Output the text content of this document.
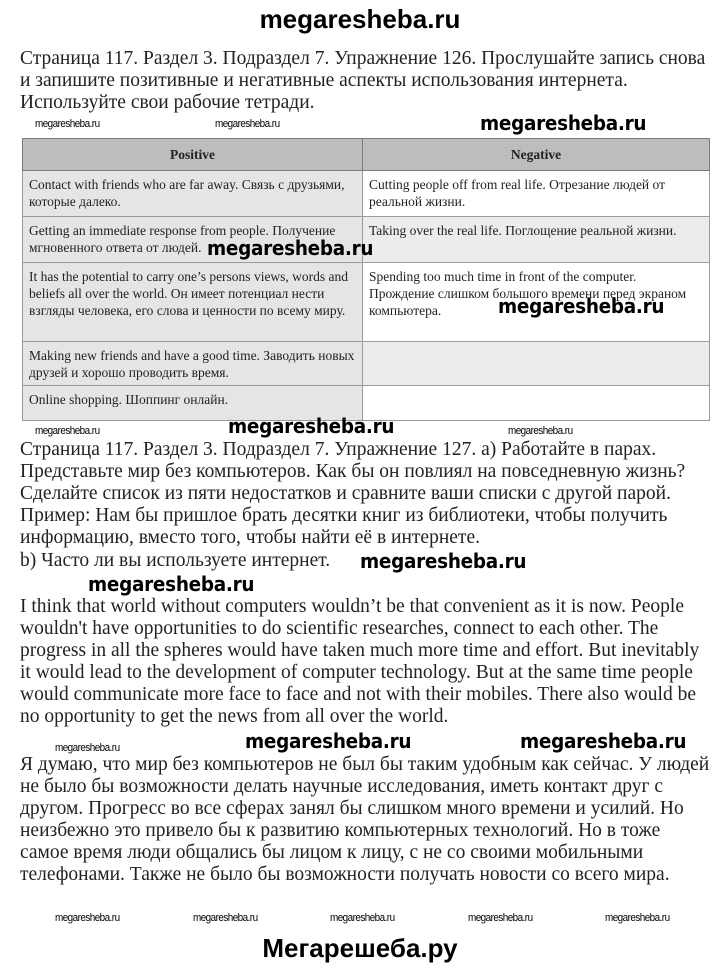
megaresheba.ru
Страница 117. Раздел 3. Подраздел 7. Упражнение 126. Прослушайте запись снова и запишите позитивные и негативные аспекты использования интернета. Используйте свои рабочие тетради.
megaresheba.ru	megaresheba.ru	megaresheba.ru
Positive	Negative
Contact with friends who are far away. Связь с друзьями, которые далеко.	Cutting people off from real life. Отрезание людей от реальной жизни.
Getting an immediate response from people. Получение мгновенного ответа от людей.	Taking over the real life. Поглощение реальной жизни.
It has the potential to carry one’s persons views, words and beliefs all over the world. Он имеет потенциал нести взгляды человека, его слова и ценности по всему миру.	Spending too much time in front of the computer. Прождение слишком большого времени перед экраном компьютера.
Making new friends and have a good time. Заводить новых друзей и хорошо проводить время.	
Online shopping. Шоппинг онлайн.	
megaresheba.ru
megaresheba.ru
megaresheba.ru
megaresheba.ru	megaresheba.ru
Страница 117. Раздел 3. Подраздел 7. Упражнение 127. а) Работайте в парах. Представьте мир без компьютеров. Как бы он повлиял на повседневную жизнь? Сделайте список из пяти недостатков и сравните ваши списки с другой парой. Пример: Нам бы пришлое брать десятки книг из библиотеки, чтобы получить информацию, вместо того, чтобы найти её в интернете.
b) Часто ли вы используете интернет. megaresheba.ru
megaresheba.ru
I think that world without computers wouldn’t be that convenient as it is now. People wouldn't have opportunities to do scientific researches, connect to each other. The progress in all the spheres would have taken much more time and effort. But inevitably it would lead to the development of computer technology. But at the same time people would communicate more face to face and not with their mobiles. There also would be no opportunity to get the news from all over the world.
megaresheba.ru	megaresheba.ru	megaresheba.ru
Я думаю, что мир без компьютеров не был бы таким удобным как сейчас. У людей не было бы возможности делать научные исследования, иметь контакт друг с другом. Прогресс во все сферах занял бы слишком много времени и усилий. Но неизбежно это привело бы к развитию компьютерных технологий. Но в тоже самое время люди общались бы лицом к лицу, с не со своими мобильными телефонами. Также не было бы возможности получать новости со всего мира.
megaresheba.ru	megaresheba.ru	megaresheba.ru	megaresheba.ru	megaresheba.ru
Мегарешеба.ру
